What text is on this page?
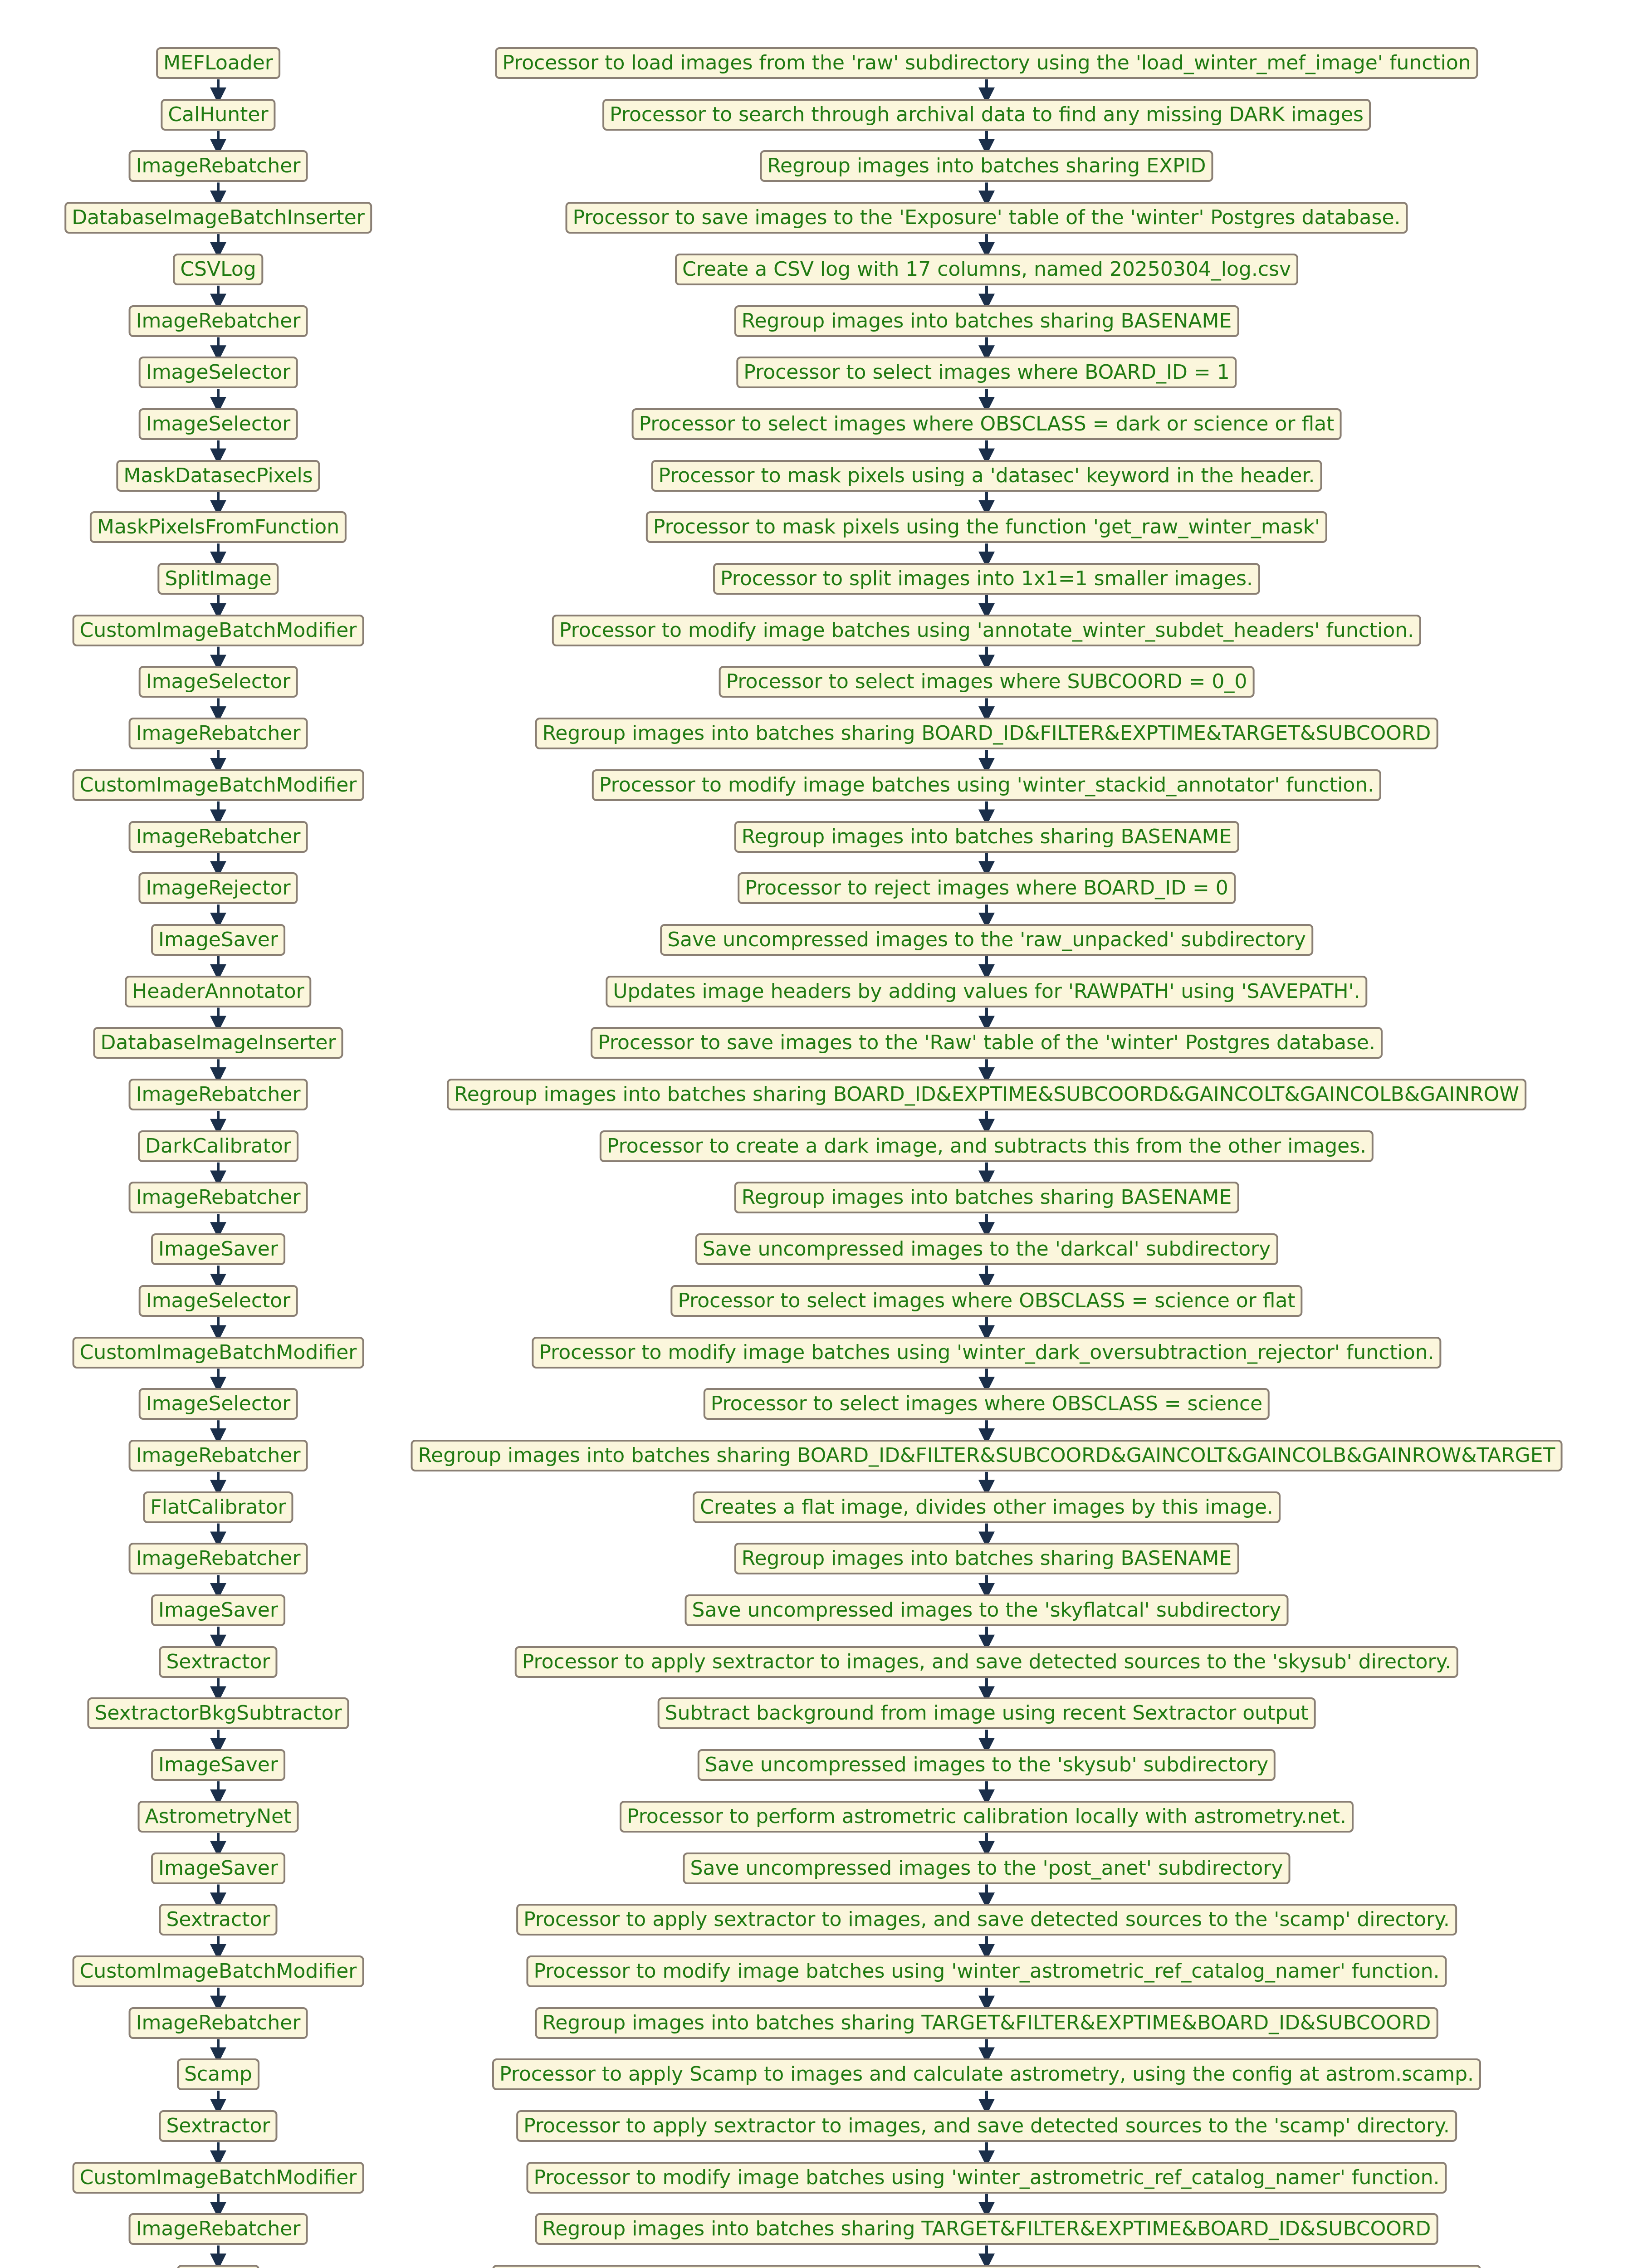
MEFLoader	Processor to load images from the 'raw' subdirectory using the 'load_winter_mef_image' function
CalHunter	Processor to search through archival data to find any missing DARK images
ImageRebatcher	Regroup images into batches sharing EXPID
DatabaseImageBatchInserter	Processor to save images to the 'Exposure' table of the 'winter' Postgres database.
CSVLog	Create a CSV log with 17 columns, named 20250304_log.csv
ImageRebatcher	Regroup images into batches sharing BASENAME
ImageSelector	Processor to select images where BOARD_ID = 1
ImageSelector	Processor to select images where OBSCLASS = dark or science or flat
MaskDatasecPixels	Processor to mask pixels using a 'datasec' keyword in the header.
MaskPixelsFromFunction	Processor to mask pixels using the function 'get_raw_winter_mask'
SplitImage	Processor to split images into 1x1=1 smaller images.
CustomImageBatchModifier	Processor to modify image batches using 'annotate_winter_subdet_headers' function.
ImageSelector	Processor to select images where SUBCOORD = 0_0
ImageRebatcher	Regroup images into batches sharing BOARD_ID&FILTER&EXPTIME&TARGET&SUBCOORD
CustomImageBatchModifier	Processor to modify image batches using 'winter_stackid_annotator' function.
ImageRebatcher	Regroup images into batches sharing BASENAME
ImageRejector	Processor to reject images where BOARD_ID = 0
ImageSaver	Save uncompressed images to the 'raw_unpacked' subdirectory
HeaderAnnotator	Updates image headers by adding values for 'RAWPATH' using 'SAVEPATH'.
DatabaseImageInserter	Processor to save images to the 'Raw' table of the 'winter' Postgres database.
ImageRebatcher	Regroup images into batches sharing BOARD_ID&EXPTIME&SUBCOORD&GAINCOLT&GAINCOLB&GAINROW
DarkCalibrator	Processor to create a dark image, and subtracts this from the other images.
ImageRebatcher	Regroup images into batches sharing BASENAME
ImageSaver	Save uncompressed images to the 'darkcal' subdirectory
ImageSelector	Processor to select images where OBSCLASS = science or flat
CustomImageBatchModifier	Processor to modify image batches using 'winter_dark_oversubtraction_rejector' function.
ImageSelector	Processor to select images where OBSCLASS = science
ImageRebatcher	Regroup images into batches sharing BOARD_ID&FILTER&SUBCOORD&GAINCOLT&GAINCOLB&GAINROW&TARGET
FlatCalibrator	Creates a flat image, divides other images by this image.
ImageRebatcher	Regroup images into batches sharing BASENAME
ImageSaver	Save uncompressed images to the 'skyflatcal' subdirectory
Sextractor	Processor to apply sextractor to images, and save detected sources to the 'skysub' directory.
SextractorBkgSubtractor	Subtract background from image using recent Sextractor output
ImageSaver	Save uncompressed images to the 'skysub' subdirectory
AstrometryNet	Processor to perform astrometric calibration locally with astrometry.net.
ImageSaver	Save uncompressed images to the 'post_anet' subdirectory
Sextractor	Processor to apply sextractor to images, and save detected sources to the 'scamp' directory.
CustomImageBatchModifier	Processor to modify image batches using 'winter_astrometric_ref_catalog_namer' function.
ImageRebatcher	Regroup images into batches sharing TARGET&FILTER&EXPTIME&BOARD_ID&SUBCOORD
Scamp	Processor to apply Scamp to images and calculate astrometry, using the config at astrom.scamp.
Sextractor	Processor to apply sextractor to images, and save detected sources to the 'scamp' directory.
CustomImageBatchModifier	Processor to modify image batches using 'winter_astrometric_ref_catalog_namer' function.
ImageRebatcher	Regroup images into batches sharing TARGET&FILTER&EXPTIME&BOARD_ID&SUBCOORD
